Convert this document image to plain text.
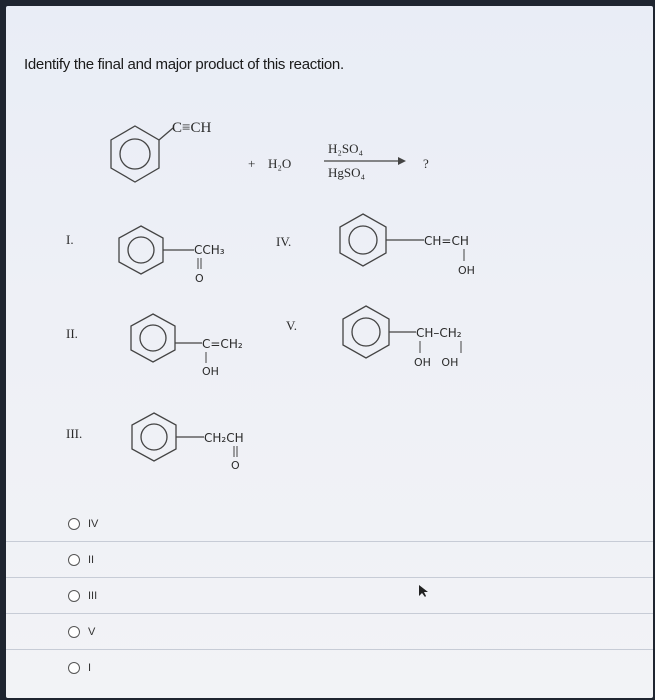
Identify the final and major product of this reaction.
C≡CH
+ H₂O
H₂SO₄
HgSO₄
?
I.
CCH₃
O
II.
C=CH₂
OH
III.	CH₂CH
O
IV.	CH=CH
OH
V.	CH–CH₂
OH   OH
IV
II
III
V
I
